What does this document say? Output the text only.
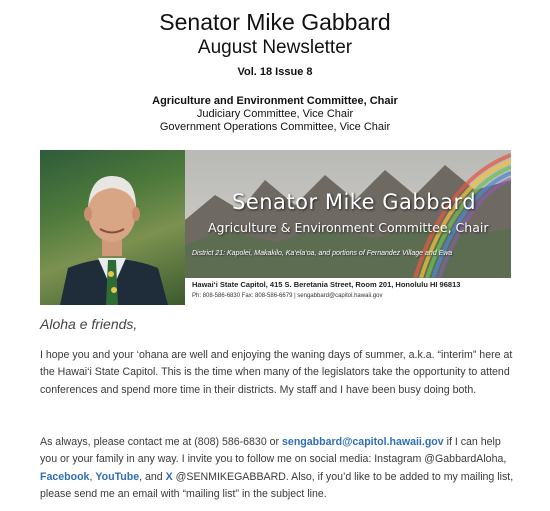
Senator Mike Gabbard
August Newsletter
Vol. 18 Issue 8
Agriculture and Environment Committee, Chair
Judiciary Committee, Vice Chair
Government Operations Committee, Vice Chair
Senator Mike Gabbard
Agriculture & Environment Committee, Chair
District 21: Kapolei, Makakilo, Ka‘ela‘oa, and portions of Fernandez Village and Ewa
Hawai‘i State Capitol, 415 S. Beretania Street, Room 201, Honolulu HI 96813
Ph: 808-586-6830 Fax: 808-586-6679 | sengabbard@capitol.hawaii.gov
Aloha e friends,
I hope you and your ‘ohana are well and enjoying the waning days of summer, a.k.a. “interim” here at the Hawai‘i State Capitol. This is the time when many of the legislators take the opportunity to attend conferences and spend more time in their districts. My staff and I have been busy doing both.
As always, please contact me at (808) 586-6830 or sengabbard@capitol.hawaii.gov if I can help you or your family in any way. I invite you to follow me on social media: Instagram @GabbardAloha, Facebook, YouTube, and X @SENMIKEGABBARD. Also, if you’d like to be added to my mailing list, please send me an email with “mailing list” in the subject line.
